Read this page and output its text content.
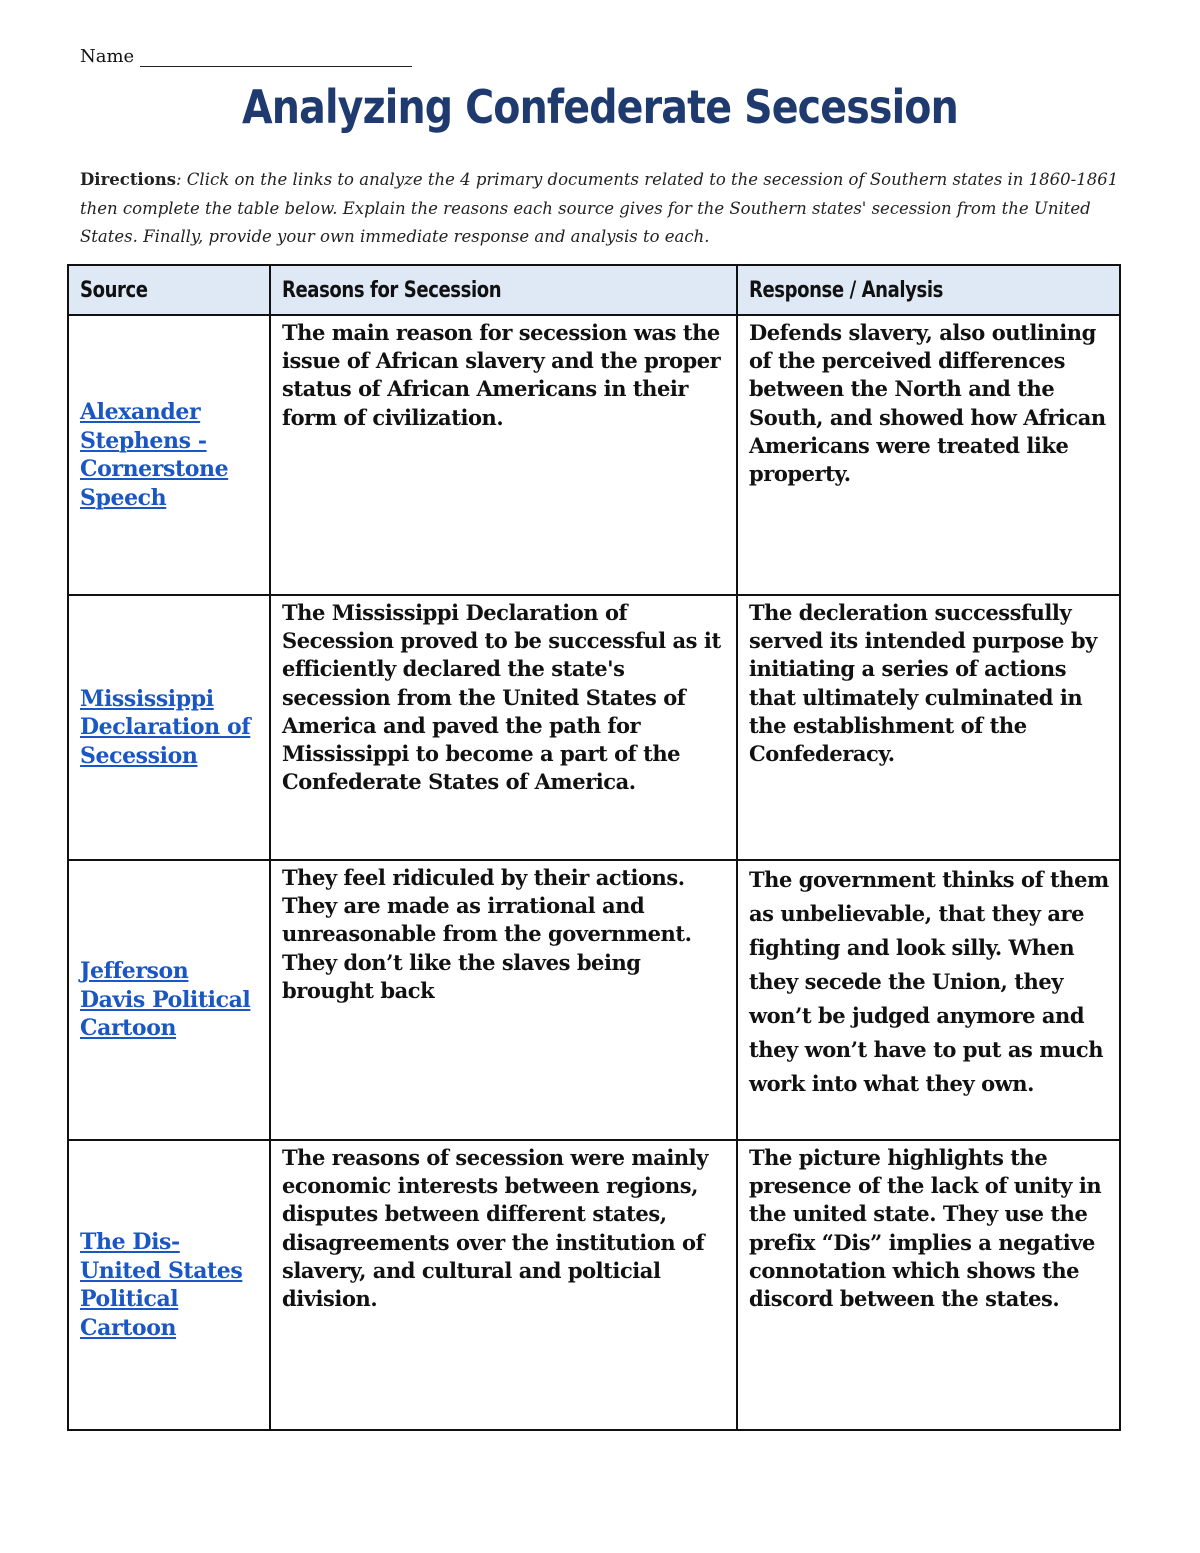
Name
Analyzing Confederate Secession
Directions: Click on the links to analyze the 4 primary documents related to the secession of Southern states in 1860-1861 then complete the table below. Explain the reasons each source gives for the Southern states' secession from the United States. Finally, provide your own immediate response and analysis to each.
Source	Reasons for Secession	Response / Analysis

Alexander Stephens - Cornerstone Speech	The main reason for secession was the issue of African slavery and the proper status of African Americans in their form of civilization.	Defends slavery, also outlining of the perceived differences between the North and the South, and showed how African Americans were treated like property.

Mississippi Declaration of Secession	The Mississippi Declaration of Secession proved to be successful as it efficiently declared the state's secession from the United States of America and paved the path for Mississippi to become a part of the Confederate States of America.	The decleration successfully served its intended purpose by initiating a series of actions that ultimately culminated in the establishment of the Confederacy.

Jefferson Davis Political Cartoon	They feel ridiculed by their actions. They are made as irrational and unreasonable from the government. They don’t like the slaves being brought back	The government thinks of them as unbelievable, that they are fighting and look silly. When they secede the Union, they won’t be judged anymore and they won’t have to put as much work into what they own.

The Dis-United States Political Cartoon	The reasons of secession were mainly economic interests between regions, disputes between different states, disagreements over the institution of slavery, and cultural and polticial division.	The picture highlights the presence of the lack of unity in the united state. They use the prefix “Dis” implies a negative connotation which shows the discord between the states.
